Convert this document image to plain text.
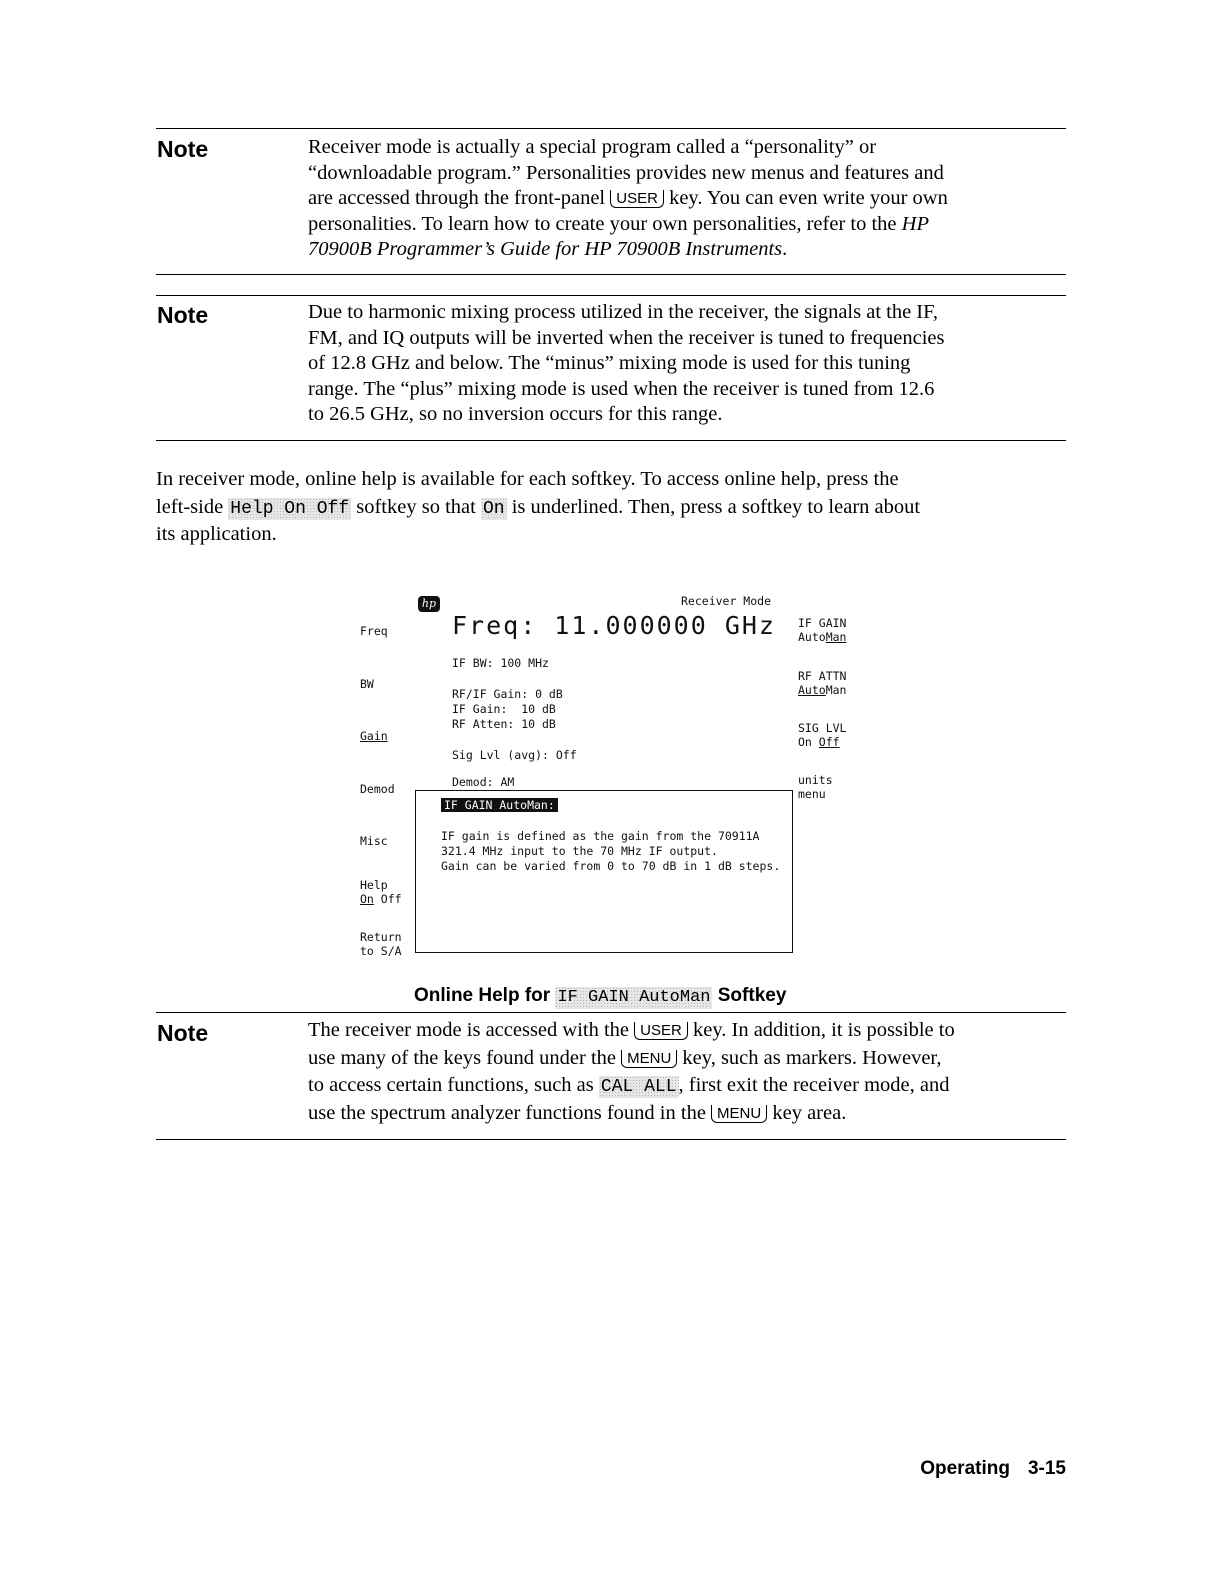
Note	Receiver mode is actually a special program called a “personality” or
“downloadable program.” Personalities provides new menus and features and
are accessed through the front-panel USER key. You can even write your own
personalities. To learn how to create your own personalities, refer to the HP
70900B Programmer’s Guide for HP 70900B Instruments.
Note	Due to harmonic mixing process utilized in the receiver, the signals at the IF,
FM, and IQ outputs will be inverted when the receiver is tuned to frequencies
of 12.8 GHz and below. The “minus” mixing mode is used for this tuning
range. The “plus” mixing mode is used when the receiver is tuned from 12.6
to 26.5 GHz, so no inversion occurs for this range.
In receiver mode, online help is available for each softkey. To access online help, press the
left-side Help On Off softkey so that On is underlined. Then, press a softkey to learn about
its application.
hp	Receiver Mode
Freq: 11.000000 GHz
IF BW: 100 MHz
RF/IF Gain: 0 dB
IF Gain:  10 dB
RF Atten: 10 dB
Sig Lvl (avg): Off
Demod: AM
Freq
BW
Gain
Demod
Misc
Help
On Off
Return
to S/A
IF GAIN
AutoMan
RF ATTN
AutoMan
SIG LVL
On Off
units
menu
IF GAIN AutoMan:
IF gain is defined as the gain from the 70911A
321.4 MHz input to the 70 MHz IF output.
Gain can be varied from 0 to 70 dB in 1 dB steps.
Online Help for IF GAIN AutoMan Softkey
Note	The receiver mode is accessed with the USER key. In addition, it is possible to
use many of the keys found under the MENU key, such as markers. However,
to access certain functions, such as CAL ALL, first exit the receiver mode, and
use the spectrum analyzer functions found in the MENU key area.
Operating 3-15
